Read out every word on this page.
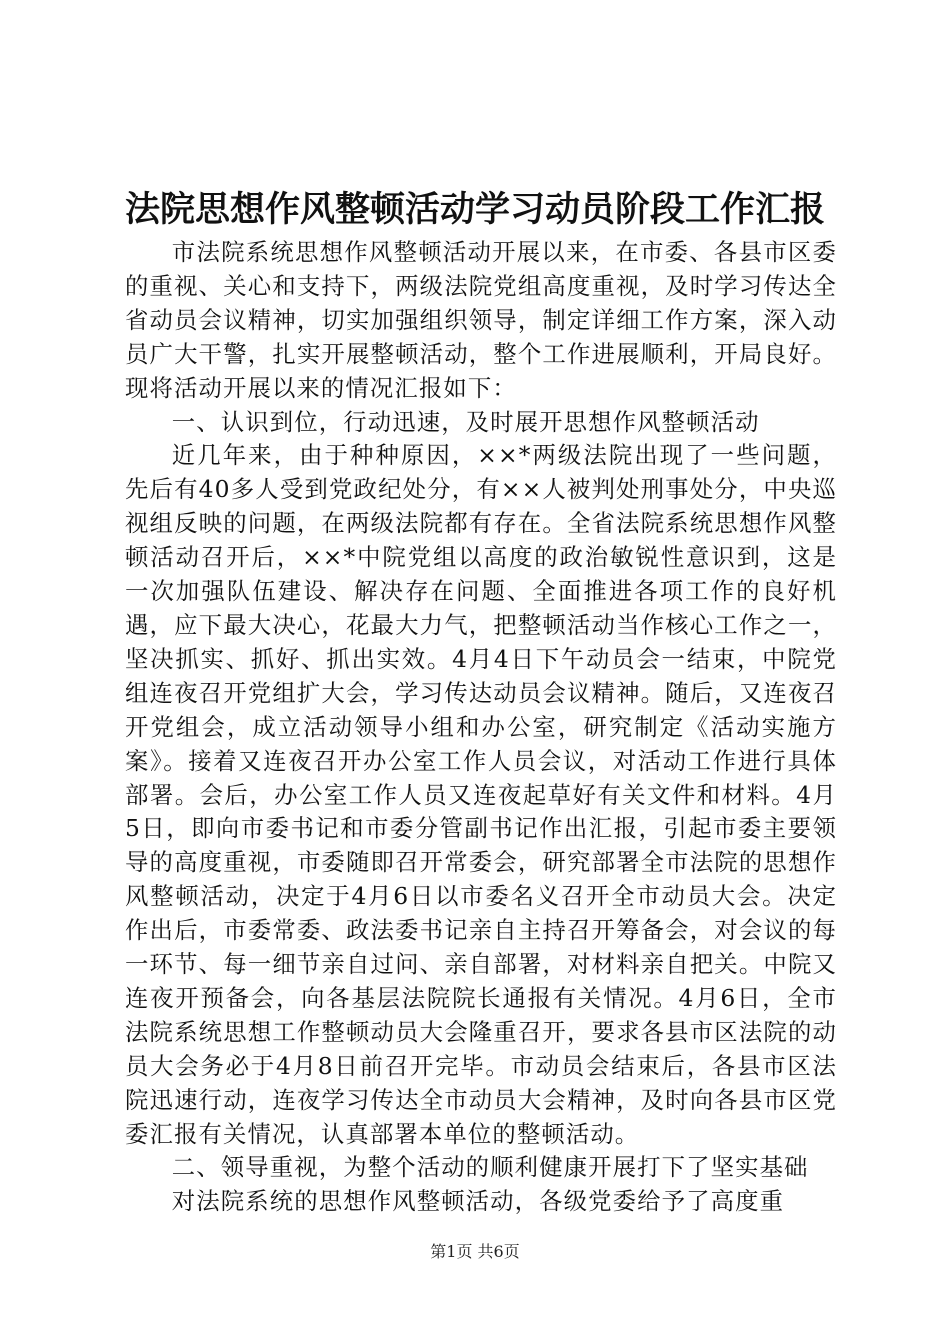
法院思想作风整顿活动学习动员阶段工作汇报

市法院系统思想作风整顿活动开展以来，在市委、各县市区委的重视、关心和支持下，两级法院党组高度重视，及时学习传达全省动员会议精神，切实加强组织领导，制定详细工作方案，深入动员广大干警，扎实开展整顿活动，整个工作进展顺利，开局良好。现将活动开展以来的情况汇报如下：

一、认识到位，行动迅速，及时展开思想作风整顿活动

近几年来，由于种种原因，××*两级法院出现了一些问题，先后有40多人受到党政纪处分，有××人被判处刑事处分，中央巡视组反映的问题，在两级法院都有存在。全省法院系统思想作风整顿活动召开后，××*中院党组以高度的政治敏锐性意识到，这是一次加强队伍建设、解决存在问题、全面推进各项工作的良好机遇，应下最大决心，花最大力气，把整顿活动当作核心工作之一，坚决抓实、抓好、抓出实效。4月4日下午动员会一结束，中院党组连夜召开党组扩大会，学习传达动员会议精神。随后，又连夜召开党组会，成立活动领导小组和办公室，研究制定《活动实施方案》。接着又连夜召开办公室工作人员会议，对活动工作进行具体部署。会后，办公室工作人员又连夜起草好有关文件和材料。4月5日，即向市委书记和市委分管副书记作出汇报，引起市委主要领导的高度重视，市委随即召开常委会，研究部署全市法院的思想作风整顿活动，决定于4月6日以市委名义召开全市动员大会。决定作出后，市委常委、政法委书记亲自主持召开筹备会，对会议的每一环节、每一细节亲自过问、亲自部署，对材料亲自把关。中院又连夜开预备会，向各基层法院院长通报有关情况。4月6日，全市法院系统思想工作整顿动员大会隆重召开，要求各县市区法院的动员大会务必于4月8日前召开完毕。市动员会结束后，各县市区法院迅速行动，连夜学习传达全市动员大会精神，及时向各县市区党委汇报有关情况，认真部署本单位的整顿活动。

二、领导重视，为整个活动的顺利健康开展打下了坚实基础

对法院系统的思想作风整顿活动，各级党委给予了高度重

第1页 共6页
